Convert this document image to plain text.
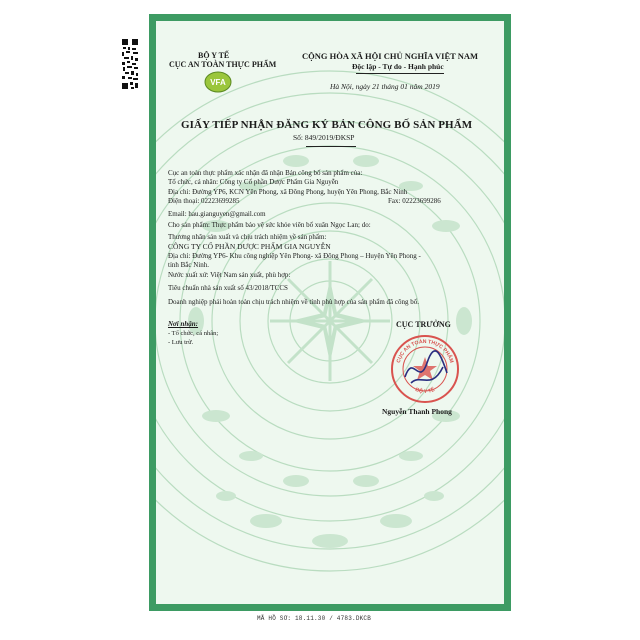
BỘ Y TẾ
CỤC AN TOÀN THỰC PHẨM
VFA
CỘNG HÒA XÃ HỘI CHỦ NGHĨA VIỆT NAM
Độc lập - Tự do - Hạnh phúc
Hà Nội, ngày 21 tháng 01 năm 2019
GIẤY TIẾP NHẬN ĐĂNG KÝ BẢN CÔNG BỐ SẢN PHẨM
Số: 849/2019/ĐKSP
Cục an toàn thực phẩm xác nhận đã nhận Bản công bố sản phẩm của:
Tổ chức, cá nhân: Công ty Cổ phần Dược Phẩm Gia Nguyễn
Địa chỉ: Đường YP6, KCN Yên Phong, xã Đông Phong, huyện Yên Phong, Bắc Ninh
Điện thoại: 02223699285	Fax: 02223699286
Email: hau.gianguyen@gmail.com
Cho sản phẩm: Thực phẩm bảo vệ sức khỏe viên bổ xuân Ngọc Lan; do:
Thương nhân sản xuất và chịu trách nhiệm về sản phẩm:
CÔNG TY CỔ PHẦN DƯỢC PHẨM GIA NGUYỄN
Địa chỉ: Đường YP6- Khu công nghiệp Yên Phong- xã Đông Phong – Huyện Yên Phong -
tỉnh Bắc Ninh.
Nước xuất xứ: Việt Nam sản xuất, phù hợp:
Tiêu chuẩn nhà sản xuất số 43/2018/TCCS
Doanh nghiệp phải hoàn toàn chịu trách nhiệm về tính phù hợp của sản phẩm đã công bố.
Nơi nhận:
- Tổ chức, cá nhân;
- Lưu trữ.
CỤC TRƯỞNG
CỤC AN TOÀN THỰC PHẨM
BỘ Y TẾ
Nguyễn Thanh Phong
MÃ HỒ SƠ: 18.11.30 / 4783.DKCB
